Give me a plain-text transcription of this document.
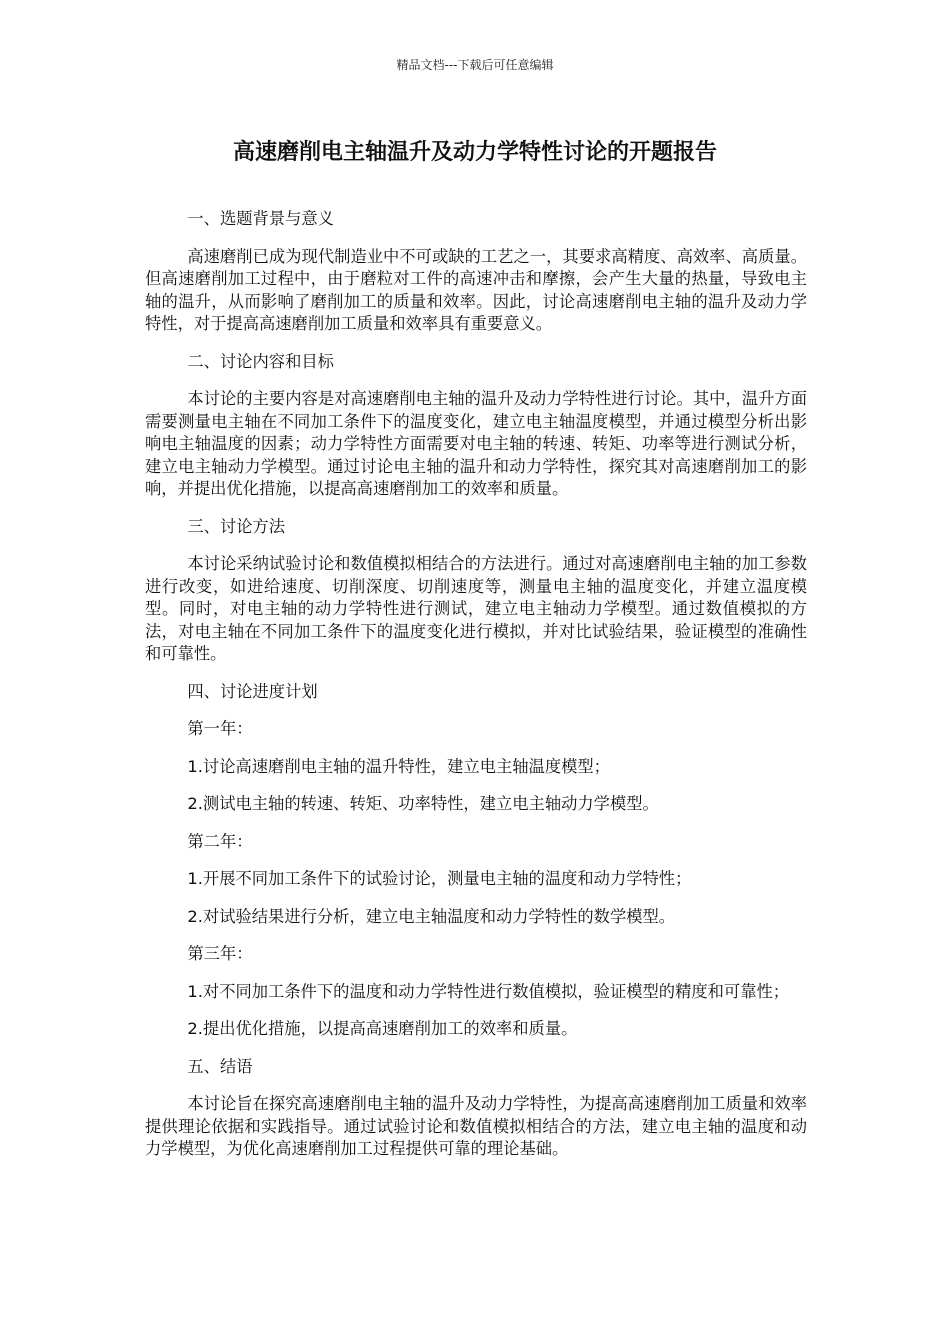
精品文档---下载后可任意编辑
高速磨削电主轴温升及动力学特性讨论的开题报告

一、选题背景与意义

高速磨削已成为现代制造业中不可或缺的工艺之一，其要求高精度、高效率、高质量。但高速磨削加工过程中，由于磨粒对工件的高速冲击和摩擦，会产生大量的热量，导致电主轴的温升，从而影响了磨削加工的质量和效率。因此，讨论高速磨削电主轴的温升及动力学特性，对于提高高速磨削加工质量和效率具有重要意义。

二、讨论内容和目标

本讨论的主要内容是对高速磨削电主轴的温升及动力学特性进行讨论。其中，温升方面需要测量电主轴在不同加工条件下的温度变化，建立电主轴温度模型，并通过模型分析出影响电主轴温度的因素；动力学特性方面需要对电主轴的转速、转矩、功率等进行测试分析，建立电主轴动力学模型。通过讨论电主轴的温升和动力学特性，探究其对高速磨削加工的影响，并提出优化措施，以提高高速磨削加工的效率和质量。

三、讨论方法

本讨论采纳试验讨论和数值模拟相结合的方法进行。通过对高速磨削电主轴的加工参数进行改变，如进给速度、切削深度、切削速度等，测量电主轴的温度变化，并建立温度模型。同时，对电主轴的动力学特性进行测试，建立电主轴动力学模型。通过数值模拟的方法，对电主轴在不同加工条件下的温度变化进行模拟，并对比试验结果，验证模型的准确性和可靠性。

四、讨论进度计划

第一年：

1.讨论高速磨削电主轴的温升特性，建立电主轴温度模型；

2.测试电主轴的转速、转矩、功率特性，建立电主轴动力学模型。

第二年：

1.开展不同加工条件下的试验讨论，测量电主轴的温度和动力学特性；

2.对试验结果进行分析，建立电主轴温度和动力学特性的数学模型。

第三年：

1.对不同加工条件下的温度和动力学特性进行数值模拟，验证模型的精度和可靠性；

2.提出优化措施，以提高高速磨削加工的效率和质量。

五、结语

本讨论旨在探究高速磨削电主轴的温升及动力学特性，为提高高速磨削加工质量和效率提供理论依据和实践指导。通过试验讨论和数值模拟相结合的方法，建立电主轴的温度和动力学模型，为优化高速磨削加工过程提供可靠的理论基础。
